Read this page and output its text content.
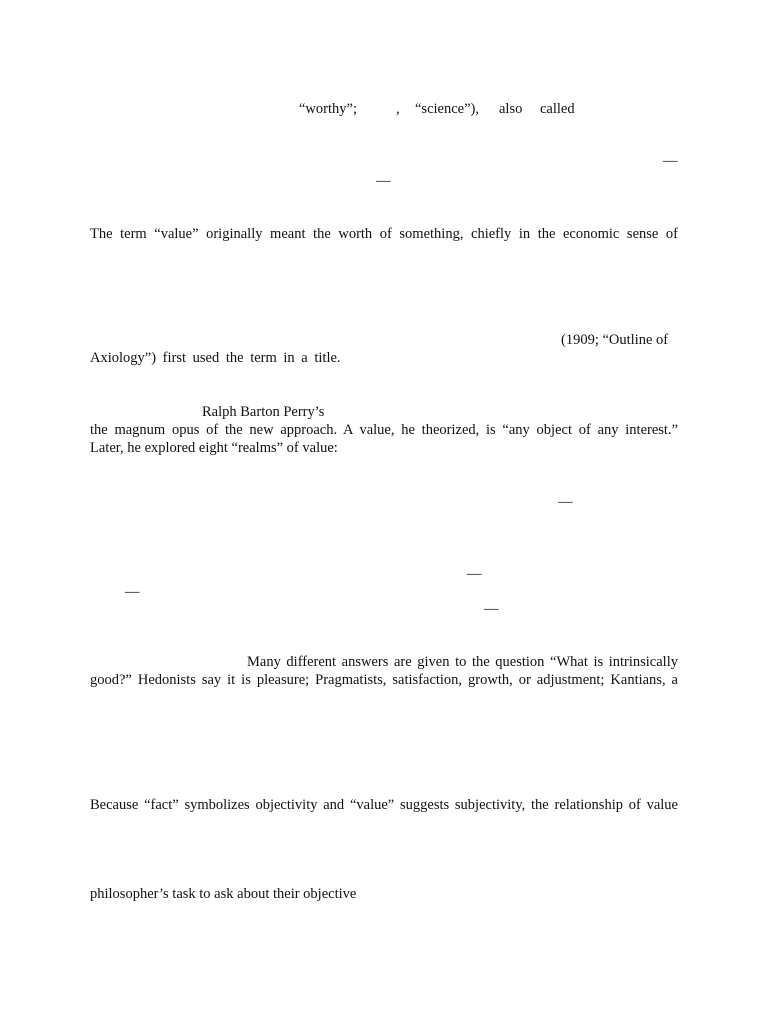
“worthy”;	, “science”), also called
—
—
The term “value” originally meant the worth of something, chiefly in the economic sense of
(1909; “Outline of
Axiology”) first used the term in a title.
Ralph Barton Perry’s
the magnum opus of the new approach. A value, he theorized, is “any object of any interest.”
Later, he explored eight “realms” of value:
—
—
—
—
Many different answers are given to the question “What is intrinsically
good?” Hedonists say it is pleasure; Pragmatists, satisfaction, growth, or adjustment; Kantians, a
Because “fact” symbolizes objectivity and “value” suggests subjectivity, the relationship of value
philosopher’s task to ask about their objective
